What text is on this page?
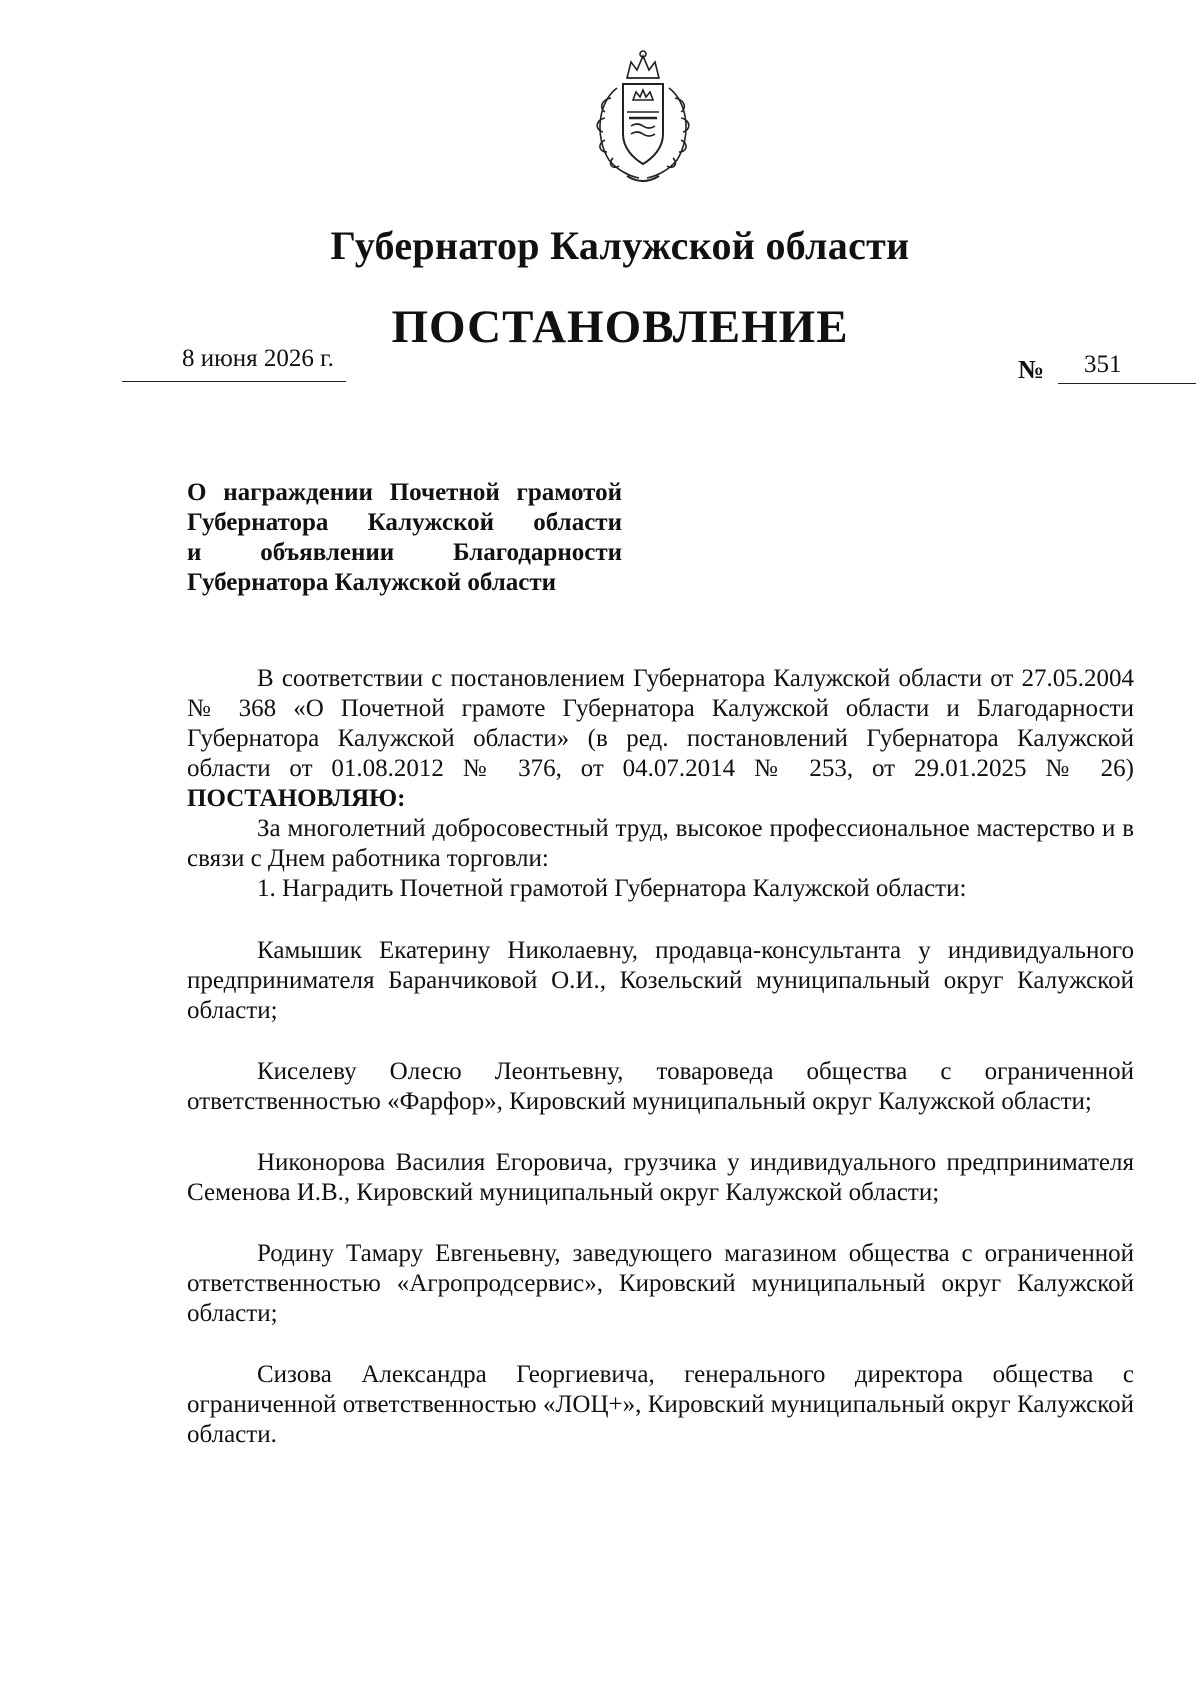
Губернатор Калужской области
ПОСТАНОВЛЕНИЕ
8 июня 2026 г.	№ 351
О награждении Почетной грамотой
Губернатора Калужской области
и объявлении Благодарности
Губернатора Калужской области

В соответствии с постановлением Губернатора Калужской области от 27.05.2004 № 368 «О Почетной грамоте Губернатора Калужской области и Благодарности Губернатора Калужской области» (в ред. постановлений Губернатора Калужской области от 01.08.2012 № 376, от 04.07.2014 № 253, от 29.01.2025 № 26) ПОСТАНОВЛЯЮ:

За многолетний добросовестный труд, высокое профессиональное мастерство и в связи с Днем работника торговли:

1. Наградить Почетной грамотой Губернатора Калужской области:

Камышик Екатерину Николаевну, продавца-консультанта у индивидуального предпринимателя Баранчиковой О.И., Козельский муниципальный округ Калужской области;

Киселеву Олесю Леонтьевну, товароведа общества с ограниченной ответственностью «Фарфор», Кировский муниципальный округ Калужской области;

Никонорова Василия Егоровича, грузчика у индивидуального предпринимателя Семенова И.В., Кировский муниципальный округ Калужской области;

Родину Тамару Евгеньевну, заведующего магазином общества с ограниченной ответственностью «Агропродсервис», Кировский муниципальный округ Калужской области;

Сизова Александра Георгиевича, генерального директора общества с ограниченной ответственностью «ЛОЦ+», Кировский муниципальный округ Калужской области.
